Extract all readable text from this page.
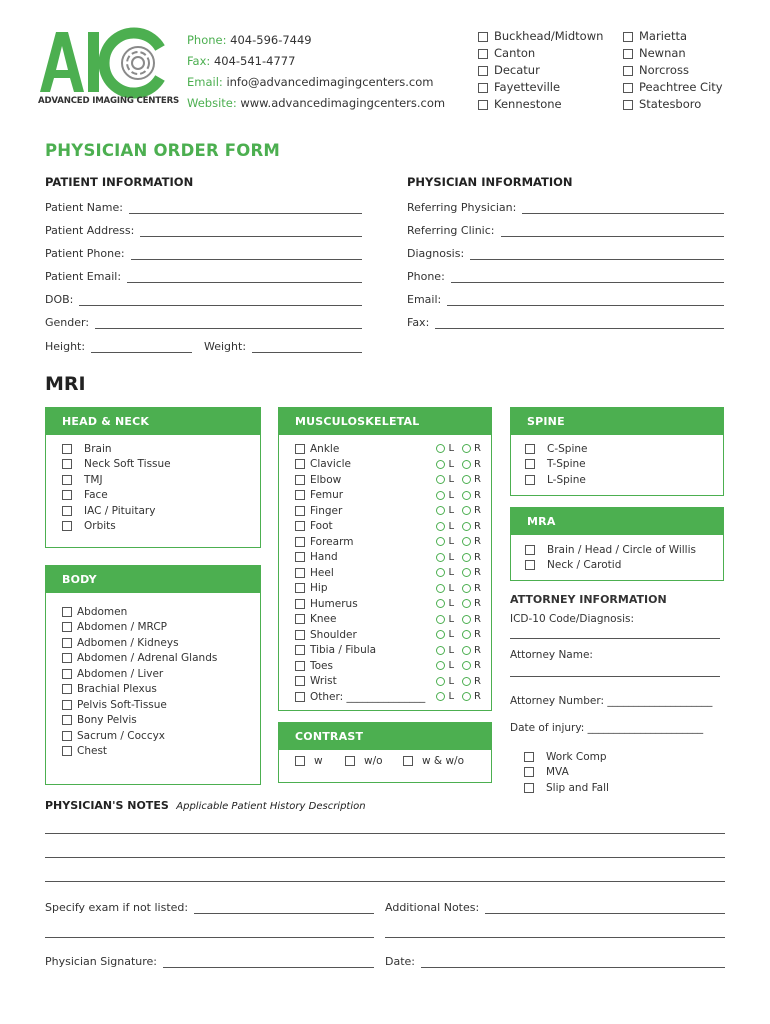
ADVANCED IMAGING CENTERS
Phone: 404-596-7449
Fax: 404-541-4777
Email: info@advancedimagingcenters.com
Website: www.advancedimagingcenters.com
Buckhead/Midtown
Canton
Decatur
Fayetteville
Kennestone
Marietta
Newnan
Norcross
Peachtree City
Statesboro
PHYSICIAN ORDER FORM
PATIENT INFORMATION	PHYSICIAN INFORMATION
Patient Name:
Patient Address:
Patient Phone:
Patient Email:
DOB:
Gender:
Height:	Weight:
Referring Physician:
Referring Clinic:
Diagnosis:
Phone:
Email:
Fax:
MRI
HEAD & NECK
Brain
Neck Soft Tissue
TMJ
Face
IAC / Pituitary
Orbits
BODY
Abdomen
Abdomen / MRCP
Adbomen / Kidneys
Abdomen / Adrenal Glands
Abdomen / Liver
Brachial Plexus
Pelvis Soft-Tissue
Bony Pelvis
Sacrum / Coccyx
Chest
MUSCULOSKELETAL
Ankle	L R
Clavicle	L R
Elbow	L R
Femur	L R
Finger	L R
Foot	L R
Forearm	L R
Hand	L R
Heel	L R
Hip	L R
Humerus	L R
Knee	L R
Shoulder	L R
Tibia / Fibula	L R
Toes	L R
Wrist	L R
Other: _______________ L R
CONTRAST
w	w/o	w & w/o
SPINE
C-Spine
T-Spine
L-Spine
MRA
Brain / Head / Circle of Willis
Neck / Carotid
ATTORNEY INFORMATION
ICD-10 Code/Diagnosis:
Attorney Name:
Attorney Number: ____________________
Date of injury: ______________________
Work Comp
MVA
Slip and Fall
PHYSICIAN'S NOTES Applicable Patient History Description
Specify exam if not listed:	Additional Notes:
Physician Signature:	Date:
